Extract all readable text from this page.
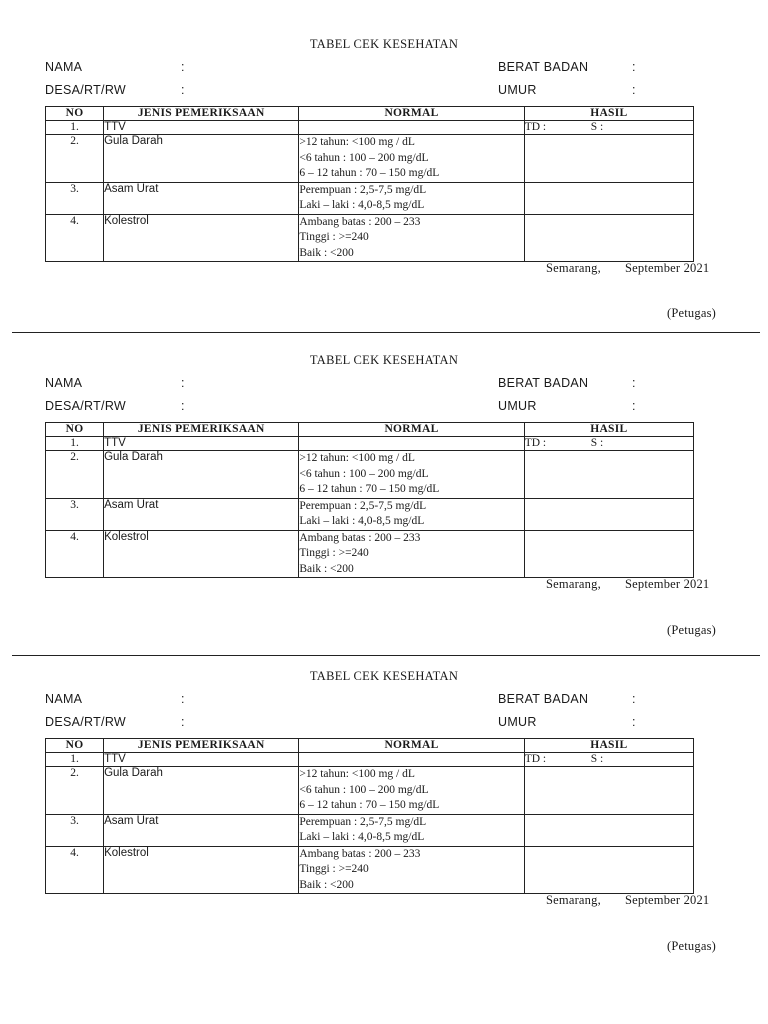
TABEL CEK KESEHATAN
NAMA	:	BERAT BADAN	:
DESA/RT/RW	:	UMUR	:
NO	JENIS PEMERIKSAAN	NORMAL	HASIL
1.	TTV		TD : S :
2.	Gula Darah	>12 tahun: <100 mg / dL
<6 tahun : 100 – 200 mg/dL
6 – 12 tahun : 70 – 150 mg/dL	

3.	Asam Urat	Perempuan : 2,5-7,5 mg/dL
Laki – laki : 4,0-8,5 mg/dL	

4.	Kolestrol	Ambang batas : 200 – 233
Tinggi : >=240
Baik : <200	

Semarang, September 2021
(Petugas)
TABEL CEK KESEHATAN
NAMA	:	BERAT BADAN	:
DESA/RT/RW	:	UMUR	:
NO	JENIS PEMERIKSAAN	NORMAL	HASIL
1.	TTV		TD : S :
2.	Gula Darah	>12 tahun: <100 mg / dL
<6 tahun : 100 – 200 mg/dL
6 – 12 tahun : 70 – 150 mg/dL	

3.	Asam Urat	Perempuan : 2,5-7,5 mg/dL
Laki – laki : 4,0-8,5 mg/dL	

4.	Kolestrol	Ambang batas : 200 – 233
Tinggi : >=240
Baik : <200	

Semarang, September 2021
(Petugas)
TABEL CEK KESEHATAN
NAMA	:	BERAT BADAN	:
DESA/RT/RW	:	UMUR	:
NO	JENIS PEMERIKSAAN	NORMAL	HASIL
1.	TTV		TD : S :
2.	Gula Darah	>12 tahun: <100 mg / dL
<6 tahun : 100 – 200 mg/dL
6 – 12 tahun : 70 – 150 mg/dL	

3.	Asam Urat	Perempuan : 2,5-7,5 mg/dL
Laki – laki : 4,0-8,5 mg/dL	

4.	Kolestrol	Ambang batas : 200 – 233
Tinggi : >=240
Baik : <200	

Semarang, September 2021
(Petugas)
